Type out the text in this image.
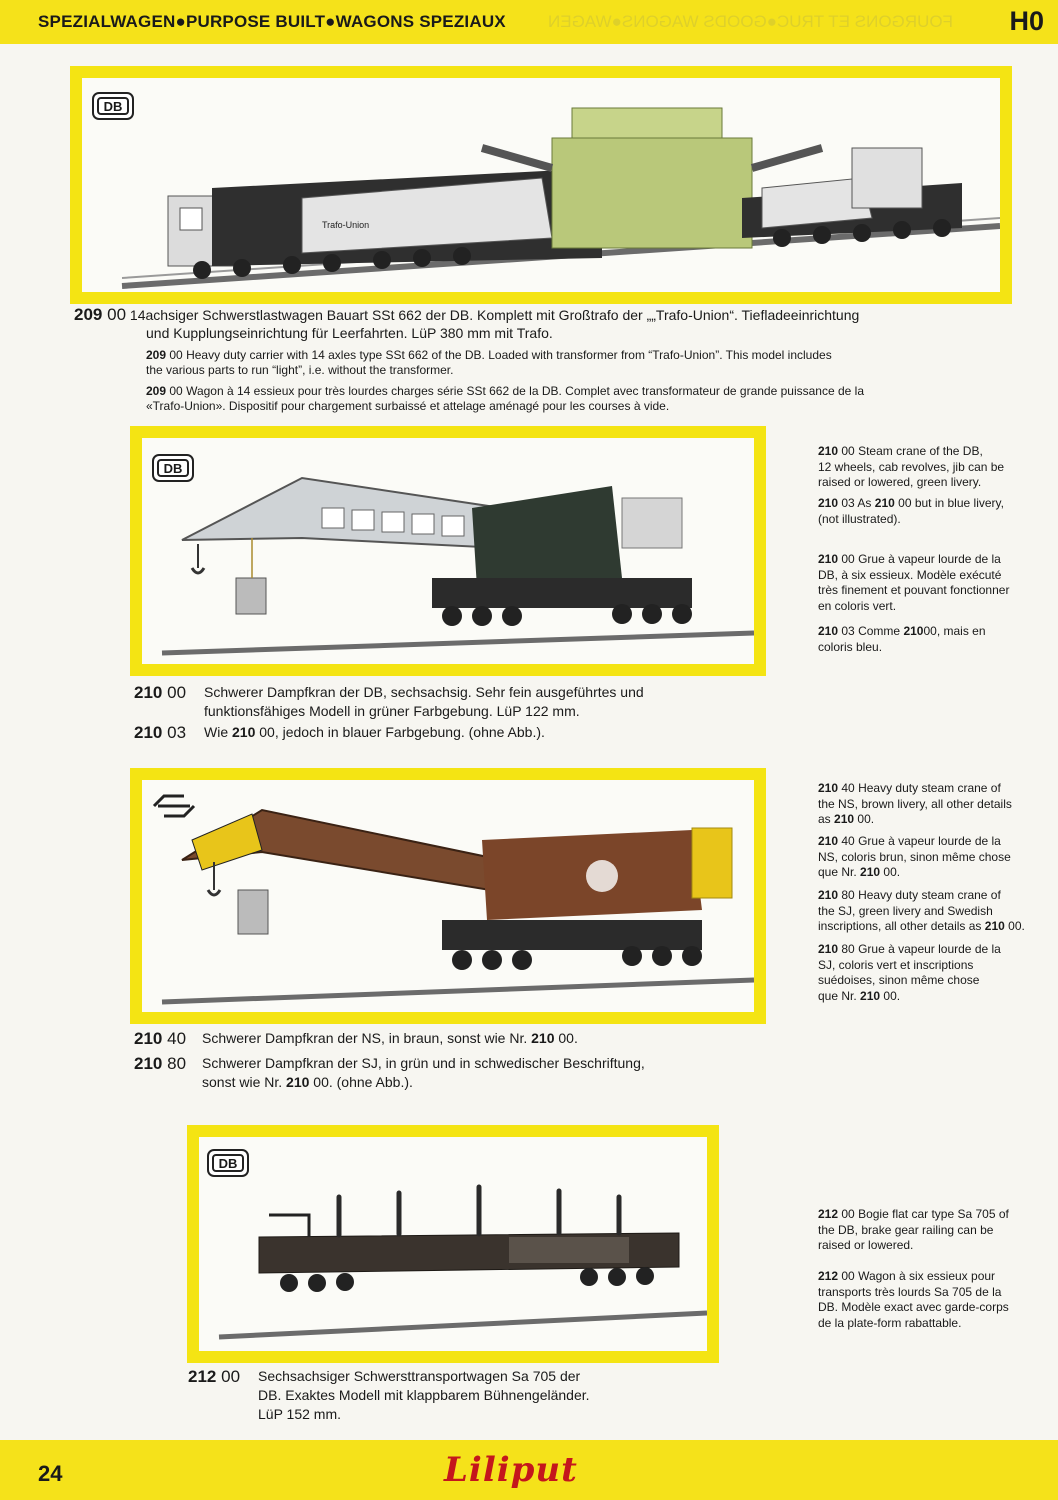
FOURGONS ET TRUC●GOODS WAGONS●WAGEN
SPEZIALWAGEN●PURPOSE BUILT●WAGONS SPEZIAUX	H0
DB
Trafo-Union
209 00 14achsiger Schwerstlastwagen Bauart SSt 662 der DB. Komplett mit Großtrafo der „„Trafo-Union“. Tiefladeeinrichtung
und Kupplungseinrichtung für Leerfahrten. LüP 380 mm mit Trafo.
209 00 Heavy duty carrier with 14 axles type SSt 662 of the DB. Loaded with transformer from “Trafo-Union”. This model includes
the various parts to run “light”, i.e. without the transformer.
209 00 Wagon à 14 essieux pour très lourdes charges série SSt 662 de la DB. Complet avec transformateur de grande puissance de la
«Trafo-Union». Dispositif pour chargement surbaissé et attelage aménagé pour les courses à vide.
DB
210 00 Schwerer Dampfkran der DB, sechsachsig. Sehr fein ausgeführtes und
funktionsfähiges Modell in grüner Farbgebung. LüP 122 mm.
210 03 Wie 210 00, jedoch in blauer Farbgebung. (ohne Abb.).
210 00 Steam crane of the DB,
12 wheels, cab revolves, jib can be
raised or lowered, green livery.
210 03 As 210 00 but in blue livery,
(not illustrated).
210 00 Grue à vapeur lourde de la
DB, à six essieux. Modèle exécuté
très finement et pouvant fonctionner
en coloris vert.
210 03 Comme 21000, mais en
coloris bleu.
210 40 Schwerer Dampfkran der NS, in braun, sonst wie Nr. 210 00.
210 80 Schwerer Dampfkran der SJ, in grün und in schwedischer Beschriftung,
sonst wie Nr. 210 00. (ohne Abb.).
210 40 Heavy duty steam crane of
the NS, brown livery, all other details
as 210 00.
210 40 Grue à vapeur lourde de la
NS, coloris brun, sinon même chose
que Nr. 210 00.
210 80 Heavy duty steam crane of
the SJ, green livery and Swedish
inscriptions, all other details as 210 00.
210 80 Grue à vapeur lourde de la
SJ, coloris vert et inscriptions
suédoises, sinon même chose
que Nr. 210 00.
DB
212 00 Sechsachsiger Schwersttransportwagen Sa 705 der
DB. Exaktes Modell mit klappbarem Bühnengeländer.
LüP 152 mm.
212 00 Bogie flat car type Sa 705 of
the DB, brake gear railing can be
raised or lowered.
212 00 Wagon à six essieux pour
transports très lourds Sa 705 de la
DB. Modèle exact avec garde-corps
de la plate-form rabattable.
24	Liliput
